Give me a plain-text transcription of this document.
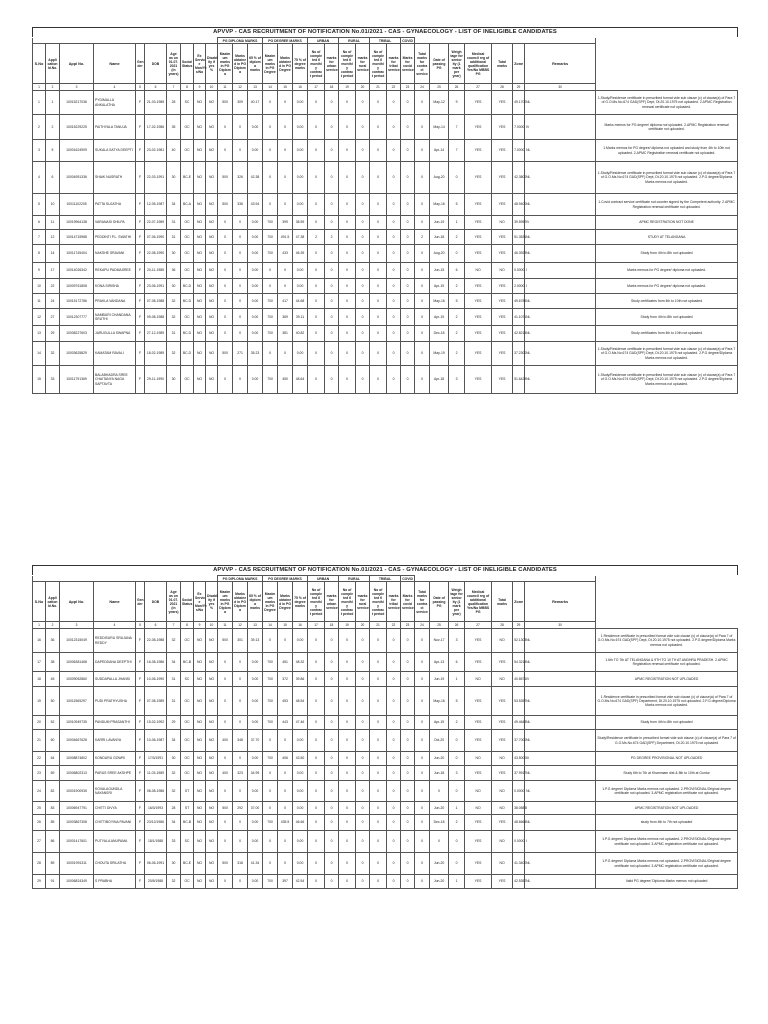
APVVP - CAS RECRUITMENT OF NOTIFICATION No.01/2021 - CAS - GYNAECOLOGY - LIST OF INELIGIBLE CANDIDATES
										PG DIPLOMA MARKS			PG DEGREE MARKS			URBAN		RURAL		TRIBAL		COVID								
S.No	Appli cation Id.No.	Appl No.	Name	Gen der	DOB	Age as on 01.07. 2021 (in years)	Social Status	Ex Servic e Man/Ye s/No	Disabil ity if yes %	Maxim um marks in PG Diplom a	Marks obtaine d in PG Diplom a	65 % of diplom a marks	Maxim um marks in PG Degree	Marks obtaine d in PG Degree	75 % of degree marks	No of comple ted 6 monthl y contrac t period	marks for urban service	No of comple ted 6 monthl y contrac t period	marks for rural service	No of comple ted 6 monthl y contrac t period	marks for tribal service	Marks for covid service	Total marks for contra ct service	Date of passing PG	Weigh tage for senior ity (1 mark per year)	Medical council reg of additional qualification Yes/No MBBS PG	Total marks	Zone	Remarks	
1	2	3	4	5	6	7	8	9	10	11	12	13	14	15	16	17	18	19	20	21	22	23	24	25	26	27	28	29	30	
1	1	10015217036	PYDIMALLA ANKALATHA	F	21-03-1985	28	SC	NO	NO	500	309	40.17	0	0	0.00	0	0	0	0	0	0	0	0	May-12	9	YES	YES	49.1700	NL	1.Study/Residence certificate in prescribed format vide sub clause (c) of clause(a) of Para 7 of G.O.Ms.No.674 GAD(SPF) Dept, Dt.20.10.1975 not uploaded. 2.APMC Registration renewal certificate not uploaded.
2	2	10015229225	PAITHYALA TANUJA	F	17-02-1986	35	OC	NO	NO	0	0	0.00	0	0	0.00	0	0	0	0	0	0	0	0	May-14	7	YES	YES	7.0000	IV	Marks memos for PG degree/ diploma not uploaded. 2.APMC Registration renewal certificate not uploaded.
3	5	10001624909	SUKALA SATYA DEEPTI	F	23-02-1981	40	OC	NO	NO	0	0	0.00	0	0	0.00	0	0	0	0	0	0	0	0	Apr-14	7	YES	YES	7.0000	NL	1.Marks memos for PG degree/ diploma not uploaded and study from 4th to 10th not uploaded. 2.APMC Registration renewal certificate not uploaded.
4	6	10004951336	SHAIK NUSRATH	F	22-03-1991	30	BC-E	NO	NO	500	326	42.38	0	0	0.00	0	0	0	0	0	0	0	0	Aug-20	0	YES	YES	42.3800	NL	1.Study/Residence certificate in prescribed format vide sub clause (c) of clause(a) of Para 7 of G.O.Ms.No.674 GAD(SPF) Dept, Dt.20.10.1975 not uploaded. 2.P.G degree/Diploma Marks memos not uploaded.
5	10	10011102205	PATTA SUJATHA	F	12-05-1987	34	BC-A	NO	NO	500	338	43.94	0	0	0.00	0	0	0	0	0	0	0	0	May-16	5	YES	YES	48.9400	NL	1.Covid contract service certificate not counter signed by the Competent authority. 2.APMC Registration renewal certificate not uploaded.
6	11	10019964138	VARANASI SHILPA	F	22-07-1989	31	OC	NO	NO	0	0	0.00	700	399	38.59	0	0	0	0	0	0	0	0	Jun-19	1	YES	NO	39.5957	IV	APMC REGISTRATION NOT DONE
7	12	10014715988	PEDDINTI P.L. SWATHI	F	07-06-1990	31	OC	NO	NO	0	0	0.00	700	491.5	47.38	2	2	0	0	0	0	0	2	Jun-18	2	YES	YES	51.3536	NL	STUDY AT TELANGANA
8	14	10011745404	NAKSHE SRAVANI	F	22-08-1990	30	OC	NO	NO	0	0	0.00	700	433	46.39	0	0	0	0	0	0	0	0	Aug-20	0	YES	YES	46.3929	NL	Study from 4th to 8th not uploaded
9	17	10014026342	REKAPU PADMASREE	F	20-11-1985	36	OC	NO	NO	0	0	0.00	0	0	0.00	0	0	0	0	0	0	0	0	Jun-15	6	NO	NO	0.0000	I	Marks memos for PG degree/ diploma not uploaded.
10	22	10009761808	KONA SIRISHA	F	23-06-1991	30	BC-D	NO	NO	0	0	0.00	0	0	0.00	0	0	0	0	0	0	0	0	Apr-19	2	YES	YES	2.0000	I	Marks memos for PG degree/ diploma not uploaded.
11	24	10015172786	PRAKLA VANDANA	F	07-08-1988	32	BC-D	NO	NO	0	0	0.00	700	417	44.68	0	0	0	0	0	0	0	0	May-16	5	YES	YES	49.6786	NL	Study certificates from 4th to 10th not uploaded
12	27	10012307777	NAMBURI CHANDANA SRUTHI	F	09-08-1988	32	OC	NO	NO	0	0	0.00	700	369	39.11	0	0	0	0	0	0	0	0	Apr-19	2	YES	YES	41.1071	NL	Study from 4th to 8th not uploaded
13	29	10008227603	JARUGULLA SWAPNA	F	27-12-1989	31	BC-D	NO	NO	0	0	0.00	700	381	40.82	0	0	0	0	0	0	0	0	Dec-18	2	YES	YES	42.8214	NL	Study certificates from 4th to 10th not uploaded
14	32	10003625829	KAMATAM RAVALI	F	18-02-1989	32	BC-D	NO	NO	500	271	35.23	0	0	0.00	0	0	0	0	0	0	0	0	May-19	2	YES	YES	37.2300	NL	1.Study/Residence certificate in prescribed format vide sub clause (c) of clause(a) of Para 7 of G.O.Ms.No.674 GAD(SPF) Dept, Dt.20.10.1975 not uploaded. 2.P.G degree/Diploma Marks memos not uploaded.
15	33	10011791369	BALABHADRA SREE CHAITANYA NAGA SAPTAVTA	F	29-11-1990	30	OC	NO	NO	0	0	0.00	700	450	48.64	0	0	0	0	0	0	0	0	Apr-18	3	YES	YES	51.6429	NL	1.Study/Residence certificate in prescribed format vide sub clause (c) of clause(a) of Para 7 of G.O.Ms.No.674 GAD(SPF) Dept, Dt.20.10.1975 not uploaded. 2.P.G degree/Diploma Marks memos not uploaded.
APVVP - CAS RECRUITMENT OF NOTIFICATION No.01/2021 - CAS - GYNAECOLOGY - LIST OF INELIGIBLE CANDIDATES
										PG DIPLOMA MARKS			PG DEGREE MARKS			URBAN		RURAL		TRIBAL		COVID								
S.No	Appli cation Id.No.	Appl No.	Name	Gen der	DOB	Age as on 01.07. 2021 (in years)	Social Status	Ex Servic e Man/Ye s/No	Disabil ity if yes %	Maxim um marks in PG Diplom a	Marks obtaine d in PG Diplom a	65 % of diplom a marks	Maxim um marks in PG Degree	Marks obtaine d in PG Degree	75 % of degree marks	No of comple ted 6 monthl y contrac t period	marks for urban service	No of comple ted 6 monthl y contrac t period	marks for rural service	No of comple ted 6 monthl y contrac t period	marks for tribal service	Marks for covid service	Total marks for contra ct service	Date of passing PG	Weigh tage for senior ity (1 mark per year)	Medical council reg of additional qualification Yes/No MBBS PG	Total marks	Zone	Remarks	
1	2	3	4	5	6	7	8	9	10	11	12	13	14	15	16	17	18	19	20	21	22	23	24	25	26	27	28	29	30	
16	36	10012315049	REDDISURU SRUJANA REDDY	F	22-08-1988	32	OC	NO	NO	500	301	39.13	0	0	0.00	0	0	0	0	0	0	0	0	Nov-17	3	YES	NO	52.1303	NL	1.Residence certificate in prescribed format vide sub clause (c) of clause(a) of Para 7 of G.O.Ms.No.674 GAD(SPF) Dept, Dt.20.10.1975 not uploaded. 2.P.G degree/Diploma Marks memos not uploaded.
17	38	10006381468	DAPEDDANA DEEPTHI	F	16-08-1986	34	BC-B	NO	NO	0	0	0.00	700	451	48.32	0	0	0	0	0	0	0	0	Apr-13	6	YES	YES	54.3214	NL	1.6th TO 7th AT TELANGANA & 9TH TO 10 TH AT ANDHRA PRADESH. 2.APMC Registration renewal certificate not uploaded.
18	45	10009052860	SUDDAPALLA JHANSI	F	10-06-1990	31	SC	NO	NO	0	0	0.00	700	372	39.86	0	0	0	0	0	0	0	0	Jun-19	1	NO	NO	40.8571	IV	APMC REGISTRATION NOT UPLOADED
19	50	10011965297	PUDI PRATHYUSHA	F	07-08-1989	31	OC	NO	NO	0	0	0.00	700	453	48.54	0	0	0	0	0	0	0	0	May-16	5	YES	YES	53.5357	NL	1.Residence certificate in prescribed format vide sub clause (c) of clause(a) of Para 7 of G.O.Ms.No.674 GAD(SPF) Department, Dt.20.10.1975 not uploaded. 2.P.G degree/Diploma Marks memos not uploaded.
20	52	10010949735	PANDUM PRASANTHI	F	15-02-1992	29	OC	NO	NO	0	0	0.00	700	443	47.46	0	0	0	0	0	0	0	0	Apr-19	2	YES	YES	49.4643	NL	Study from 4th to 8th not uploaded
21	60	10004667628	KARRI LAVANYA	F	10-06-1987	34	OC	NO	NO	400	348	37.70	0	0	0.00	0	0	0	0	0	0	0	0	Oct-20	0	YES	YES	37.7000	NL	Study/Residence certificate in prescribed format vide sub clause (c) of clause(a) of Para 7 of G.O.Ms.No.674 GAD(SPF) Department, Dt.20.10.1975 not uploaded
22	64	10008874802	KONDURU GOWRI	F	17/3/1991	30	OC	NO	NO	0	0	0.00	700	406	43.50	0	0	0	0	0	0	0	0	Jun-20	0	NO	NO	43.5000	III	PG DEGREE PROVISIONAL NOT UPLOADED
23	69	10006802313	PARUS SREE AKSHPE	F	11-03-1989	32	OC	NO	NO	400	323	34.99	0	0	0.00	0	0	0	0	0	0	0	0	Jun-18	3	YES	YES	37.9917	NL	Study 6th to 7th at Khammam dist & 8th to 10th at Guntur
24	82	10001900935	KOVALAGUNDLA NAYANSRI	F	08-08-1986	32	ST	NO	NO	0	0	0.00	0	0	0.00	0	0	0	0	0	0	0	0	0	0	NO	NO	0.0000	NL	1.P.G degree/ Diploma Marks memos not uploaded. 2.PROVISIONAL/Original degree certificate not uploaded. 3.APMC registration certificate not uploaded.
25	83	10006947791	CHITTI DIVYA	F	16/3/1993	28	ST	NO	NO	500	292	37.00	0	0	0.00	0	0	0	0	0	0	0	0	Jun-20	1	NO	NO	38.0583	I	APMC REGISTRATION NOT UPLOADED
26	85	10003867308	CHITTIBOYINA PAVANI	F	23/12/1986	34	BC-B	NO	NO	0	0	0.00	700	435.5	46.66	0	0	0	0	0	0	0	0	Dec-18	2	YES	YES	48.6664	NL	study from 4th to 7th not uploaded
27	86	10001417601	PUTYALA ANUPAMA	F	18/1/1988	33	SC	NO	NO	0	0	0.00	0	0	0.00	0	0	0	0	0	0	0	0	0	0	YES	NO	0.0000	I	1.P.G degree/ Diploma Marks memos not uploaded. 2.PROVISIONAL/Original degree certificate not uploaded. 3.APMC registration certificate not uploaded.
28	89	10001991311	CHOUTA SRILATHA	F	06-06-1991	30	BC-E	NO	NO	500	318	41.34	0	0	0.00	0	0	0	0	0	0	0	0	Jun-20	0	YES	NO	41.3400	NL	1.P.G degree/ Diploma Marks memos not uploaded. 2.PROVISIONAL/Original degree certificate not uploaded. 3.APMC registration certificate not uploaded.
29	91	10006824349	S PRABHA	F	20/5/1988	32	OC	NO	NO	0	0	0.00	700	397	42.54	0	0	0	0	0	0	0	0	Jun-20	1	YES	YES	42.5357	NL	Valid PG degree/ Diploma Marks memos not uploaded
